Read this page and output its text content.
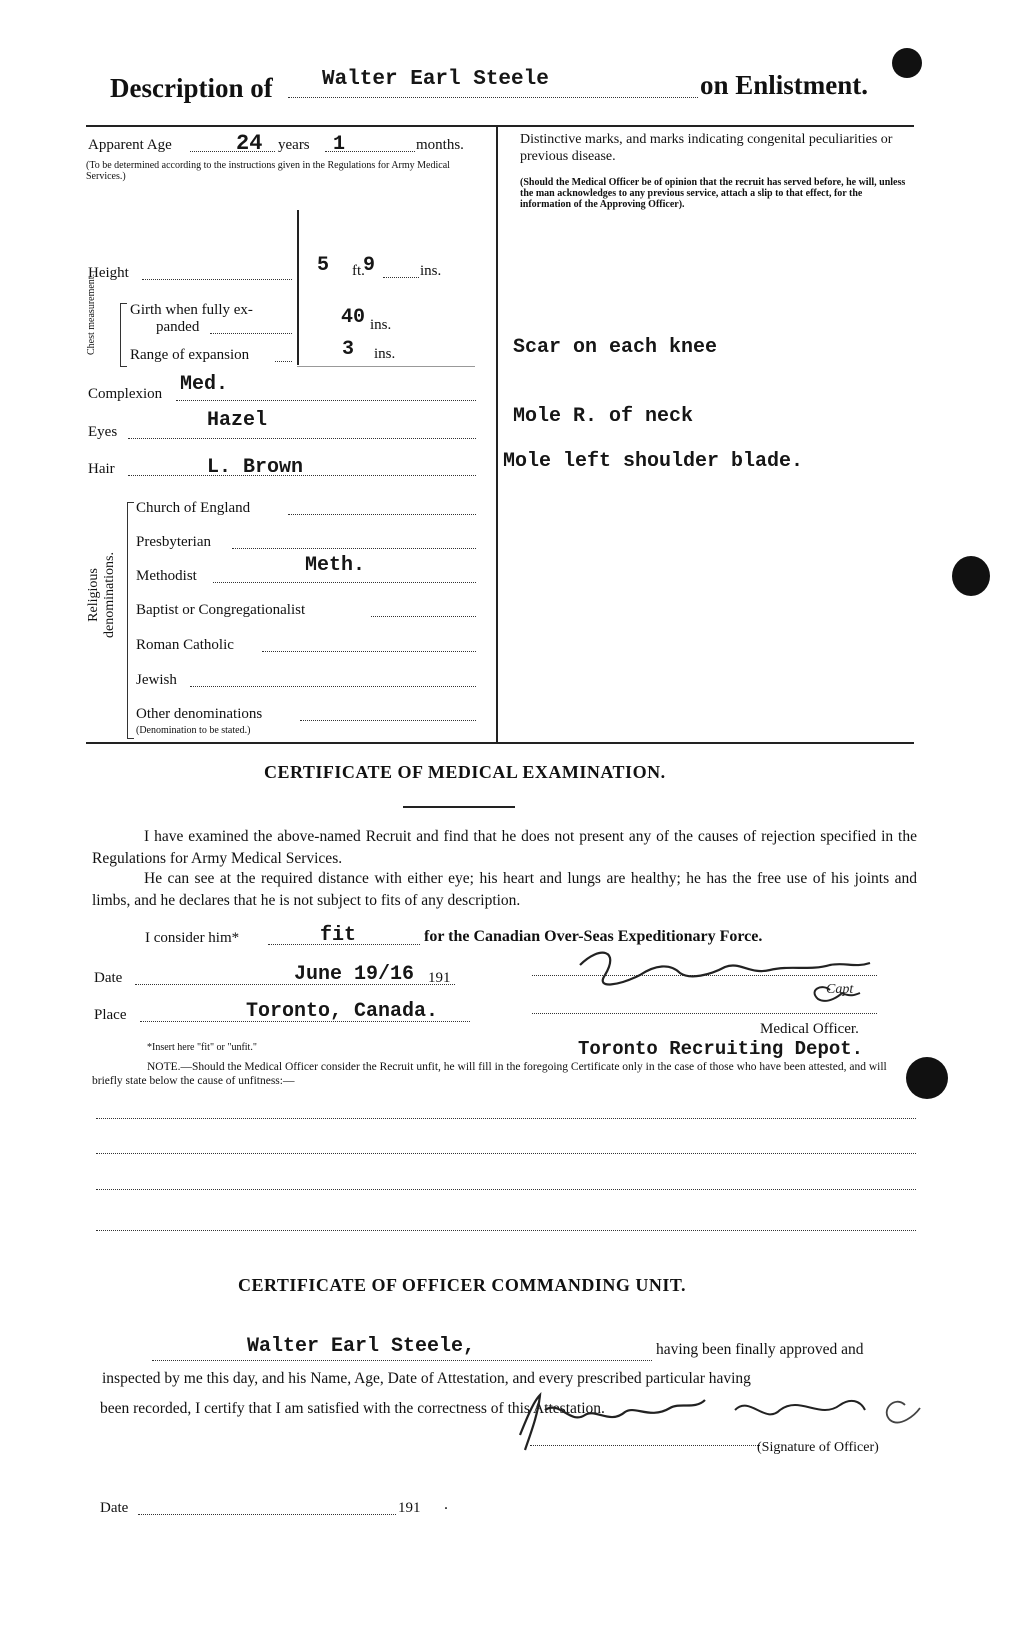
Description of Walter Earl Steele	on Enlistment.
Apparent Age	24 years 1	months.
(To be determined according to the instructions given in the Regulations for Army Medical Services.)
Height	5 ft.
9	ins.
Chest measurement. Girth when fully ex-
panded	40 ins.
Range of expansion	3 ins.
Complexion Med.
Eyes	Hazel
Hair	L. Brown
Religious denominations.
Church of England
Presbyterian
Methodist	Meth.
Baptist or Congregationalist
Roman Catholic
Jewish
Other denominations
(Denomination to be stated.)
Distinctive marks, and marks indicating congenital peculiarities or previous disease.
(Should the Medical Officer be of opinion that the recruit has served before, he will, unless the man acknowledges to any previous service, attach a slip to that effect, for the information of the Approving Officer).
Scar on each knee
Mole R. of neck
Mole left shoulder blade.
CERTIFICATE OF MEDICAL EXAMINATION.
I have examined the above-named Recruit and find that he does not present any of the causes of rejection specified in the Regulations for Army Medical Services.
He can see at the required distance with either eye; his heart and lungs are healthy; he has the free use of his joints and limbs, and he declares that he is not subject to fits of any description.
I consider him*	fit	for the Canadian Over-Seas Expeditionary Force.
Date	June 19/16 191
Place	Toronto, Canada.
Capt
Medical Officer.
Toronto Recruiting Depot.
*Insert here "fit" or "unfit."
NOTE.—Should the Medical Officer consider the Recruit unfit, he will fill in the foregoing Certificate only in the case of those who have been attested, and will briefly state below the cause of unfitness:—
CERTIFICATE OF OFFICER COMMANDING UNIT.
Walter Earl Steele,	having been finally approved and
inspected by me this day, and his Name, Age, Date of Attestation, and every prescribed particular having
been recorded, I certify that I am satisfied with the correctness of this Attestation.
(Signature of Officer)
Date	191 .
